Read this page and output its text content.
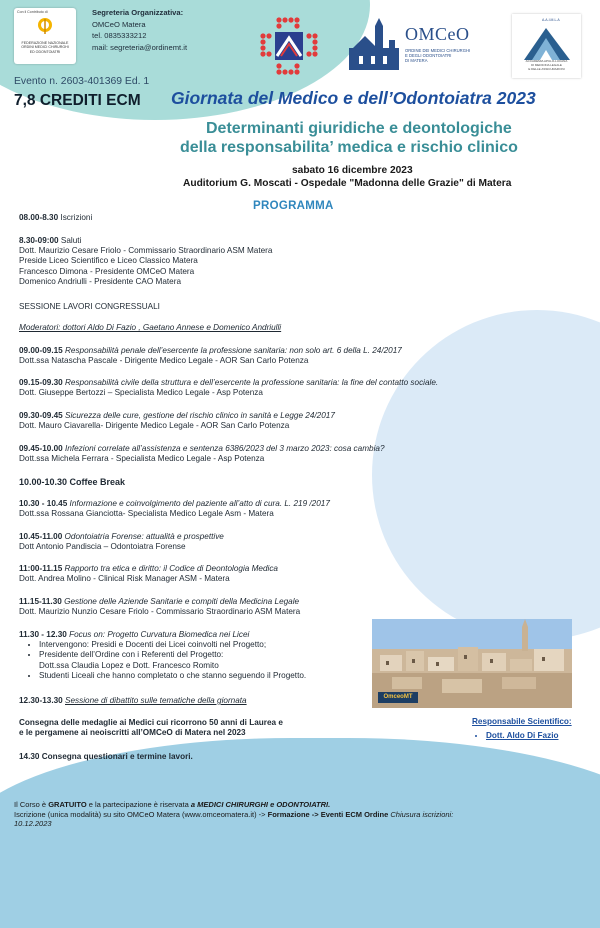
Con il Contributo di
FEDERAZIONE NAZIONALE
ORDINI MEDICI CHIRURGHI
ED ODONTOIATRI
Segreteria Organizzativa:
OMCeO Matera
tel. 0835333212
mail: segreteria@ordinemt.it
OMCeO
ORDINE DEI MEDICI CHIRURGHI
E DEGLI ODONTOIATRI
DI MATERA
A.A.I.M.L.A
ACCADEMIA APULO-LUCANA
DI MEDICINA LEGALE
E DELLE ASSICURAZIONI
Evento n. 2603-401369 Ed. 1
7,8 CREDITI ECM Giornata del Medico e dell’Odontoiatra 2023
Determinanti giuridiche e deontologiche
della responsabilita’ medica e rischio clinico
sabato 16 dicembre 2023
Auditorium G. Moscati - Ospedale "Madonna delle Grazie" di Matera
PROGRAMMA
08.00-8.30 Iscrizioni
8.30-09:00 Saluti
Dott. Maurizio Cesare Friolo - Commissario Straordinario ASM Matera
Preside Liceo Scientifico e Liceo Classico Matera
Francesco Dimona - Presidente OMCeO Matera
Domenico Andriulli - Presidente CAO Matera
SESSIONE LAVORI CONGRESSUALI
Moderatori: dottori Aldo Di Fazio , Gaetano Annese e Domenico Andriulli
09.00-09.15 Responsabilità penale dell’esercente la professione sanitaria: non solo art. 6 della L. 24/2017
Dott.ssa Natascha Pascale - Dirigente Medico Legale - AOR San Carlo Potenza
09.15-09.30 Responsabilità civile della struttura e dell’esercente la professione sanitaria: la fine del contatto sociale.
Dott. Giuseppe Bertozzi – Specialista Medico Legale - Asp Potenza
09.30-09.45 Sicurezza delle cure, gestione del rischio clinico in sanità e Legge 24/2017
Dott. Mauro Ciavarella- Dirigente Medico Legale - AOR San Carlo Potenza
09.45-10.00 Infezioni correlate all’assistenza e sentenza 6386/2023 del 3 marzo 2023: cosa cambia?
Dott.ssa Michela Ferrara - Specialista Medico Legale - Asp Potenza
10.00-10.30 Coffee Break
10.30 - 10.45 Informazione e coinvolgimento del paziente all’atto di cura. L. 219 /2017
Dott.ssa Rossana Gianciotta- Specialista Medico Legale Asm - Matera
10.45-11.00 Odontoiatria Forense: attualità e prospettive
Dott Antonio Pandiscia – Odontoiatra Forense
11:00-11.15 Rapporto tra etica e diritto: il Codice di Deontologia Medica
Dott. Andrea Molino - Clinical Risk Manager ASM - Matera
11.15-11.30 Gestione delle Aziende Sanitarie e compiti della Medicina Legale
Dott. Maurizio Nunzio Cesare Friolo - Commissario Straordinario ASM Matera
11.30 - 12.30 Focus on: Progetto Curvatura Biomedica nei Licei
• Intervengono: Presidi e Docenti dei Licei coinvolti nel Progetto;
• Presidente dell’Ordine con i Referenti del Progetto:
Dott.ssa Claudia Lopez e Dott. Francesco Romito
• Studenti Liceali che hanno completato o che stanno seguendo il Progetto.
12.30-13.30 Sessione di dibattito sulle tematiche della giornata
Consegna delle medaglie ai Medici cui ricorrono 50 anni di Laurea e
e le pergamene ai neoiscritti all’OMCeO di Matera nel 2023
14.30 Consegna questionari e termine lavori.
OmceoMT
Responsabile Scientifico:
• Dott. Aldo Di Fazio
Il Corso è GRATUITO e la partecipazione è riservata a MEDICI CHIRURGHI e ODONTOIATRI.
Iscrizione (unica modalità) su sito OMCeO Matera (www.omceomatera.it) -> Formazione -> Eventi ECM Ordine Chiusura iscrizioni:
10.12.2023
